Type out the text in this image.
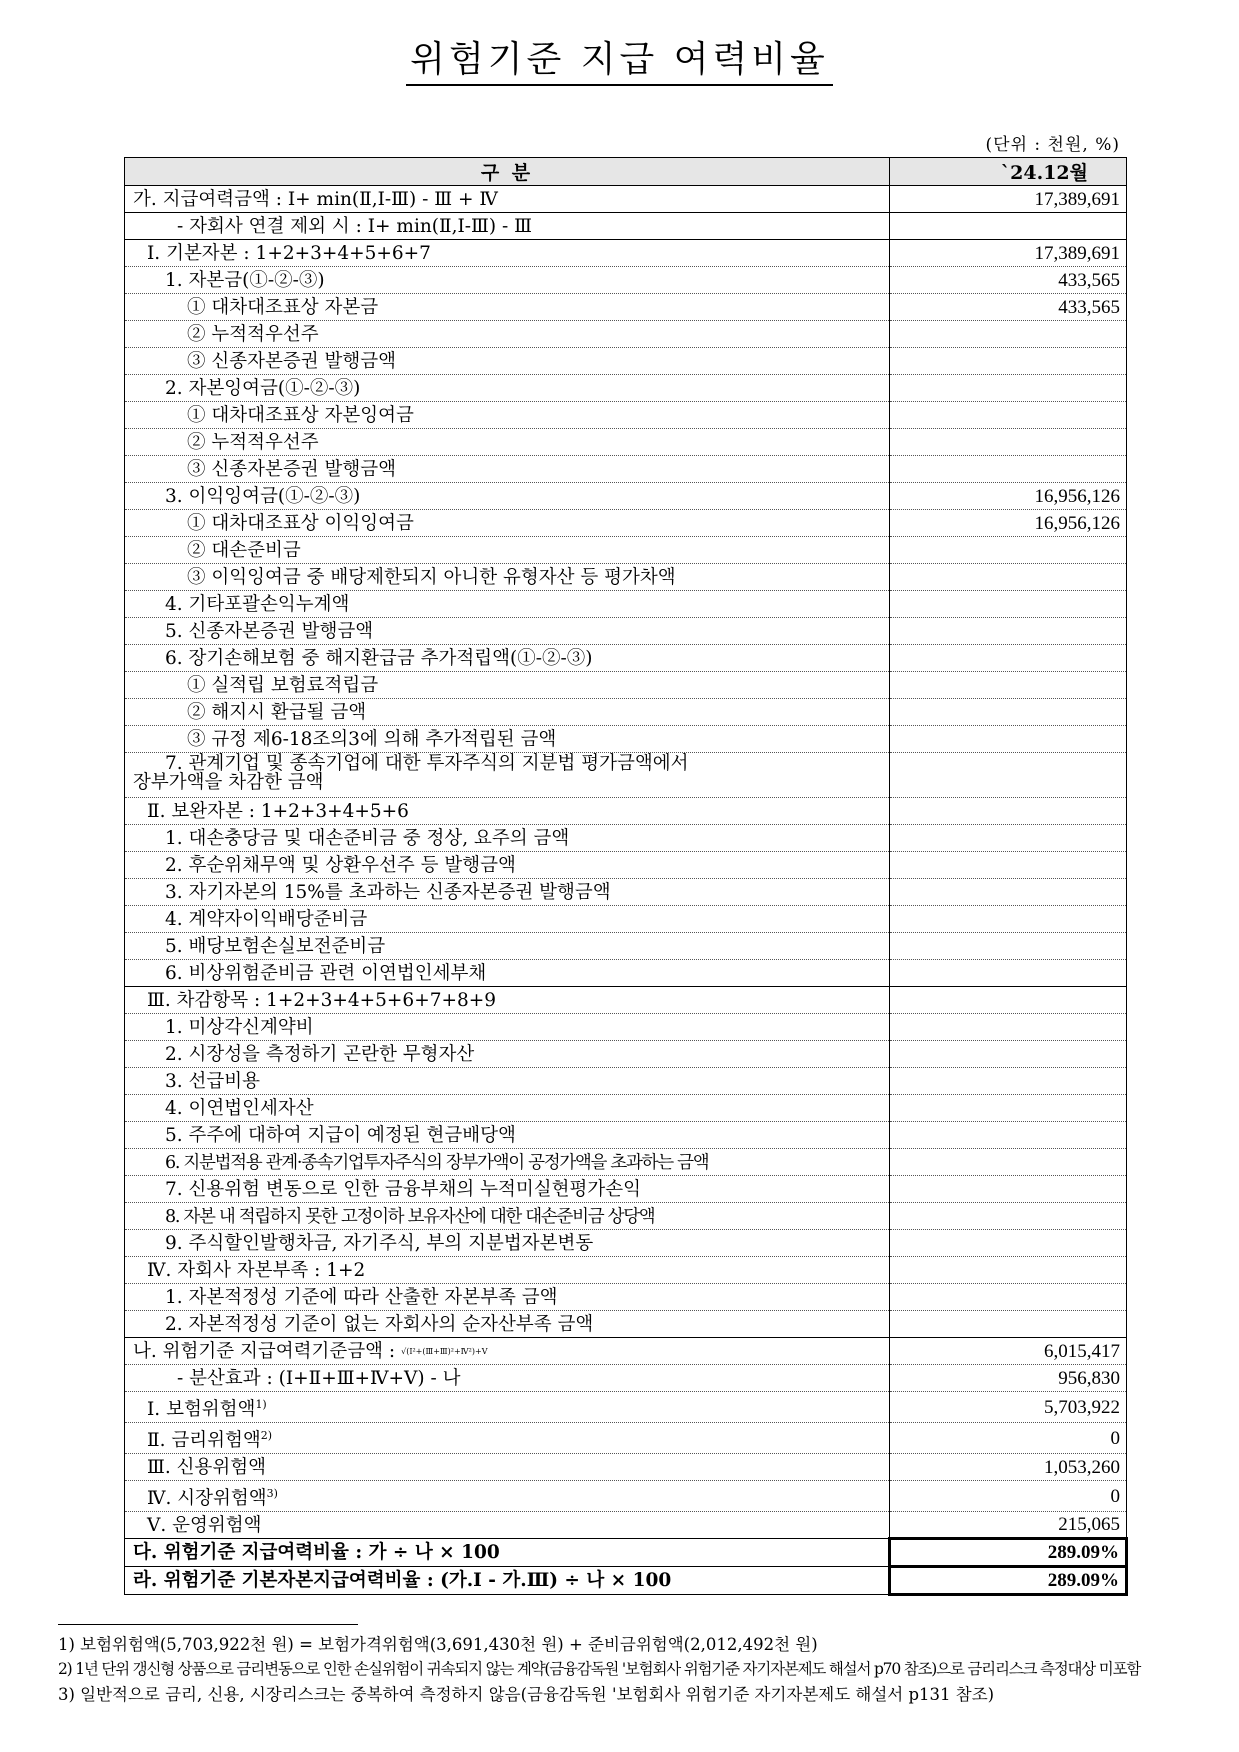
위험기준 지급 여력비율
(단위 : 천원, %)
구 분	`24.12월
가. 지급여력금액 : Ⅰ+ min(Ⅱ,Ⅰ-Ⅲ) - Ⅲ + Ⅳ	17,389,691
- 자회사 연결 제외 시 : Ⅰ+ min(Ⅱ,Ⅰ-Ⅲ) - Ⅲ	
Ⅰ. 기본자본 : 1+2+3+4+5+6+7	17,389,691
1. 자본금(①-②-③)	433,565
① 대차대조표상 자본금	433,565
② 누적적우선주	
③ 신종자본증권 발행금액	
2. 자본잉여금(①-②-③)	
① 대차대조표상 자본잉여금	
② 누적적우선주	
③ 신종자본증권 발행금액	
3. 이익잉여금(①-②-③)	16,956,126
① 대차대조표상 이익잉여금	16,956,126
② 대손준비금	
③ 이익잉여금 중 배당제한되지 아니한 유형자산 등 평가차액	
4. 기타포괄손익누계액	
5. 신종자본증권 발행금액	
6. 장기손해보험 중 해지환급금 추가적립액(①-②-③)	
① 실적립 보험료적립금	
② 해지시 환급될 금액	
③ 규정 제6-18조의3에 의해 추가적립된 금액	

7. 관계기업 및 종속기업에 대한 투자주식의 지분법 평가금액에서
장부가액을 차감한 금액	

Ⅱ. 보완자본 : 1+2+3+4+5+6	
1. 대손충당금 및 대손준비금 중 정상, 요주의 금액	
2. 후순위채무액 및 상환우선주 등 발행금액	
3. 자기자본의 15%를 초과하는 신종자본증권 발행금액	
4. 계약자이익배당준비금	
5. 배당보험손실보전준비금	
6. 비상위험준비금 관련 이연법인세부채	
Ⅲ. 차감항목 : 1+2+3+4+5+6+7+8+9	
1. 미상각신계약비	
2. 시장성을 측정하기 곤란한 무형자산	
3. 선급비용	
4. 이연법인세자산	
5. 주주에 대하여 지급이 예정된 현금배당액	
6. 지분법적용 관계·종속기업투자주식의 장부가액이 공정가액을 초과하는 금액	
7. 신용위험 변동으로 인한 금융부채의 누적미실현평가손익	
8. 자본 내 적립하지 못한 고정이하 보유자산에 대한 대손준비금 상당액	
9. 주식할인발행차금, 자기주식, 부의 지분법자본변동	
Ⅳ. 자회사 자본부족 : 1+2	
1. 자본적정성 기준에 따라 산출한 자본부족 금액	
2. 자본적정성 기준이 없는 자회사의 순자산부족 금액	
나. 위험기준 지급여력기준금액 : √(Ⅰ²+(Ⅲ+Ⅲ)²+Ⅳ²)+Ⅴ	6,015,417
- 분산효과 : (Ⅰ+Ⅱ+Ⅲ+Ⅳ+Ⅴ) - 나	956,830
Ⅰ. 보험위험액$^{1)}$	5,703,922
Ⅱ. 금리위험액$^{2)}$	0
Ⅲ. 신용위험액	1,053,260
Ⅳ. 시장위험액$^{3)}$	0
Ⅴ. 운영위험액	215,065
다. 위험기준 지급여력비율 : 가 ÷ 나 × 100	289.09%
라. 위험기준 기본자본지급여력비율 : (가.Ⅰ - 가.Ⅲ) ÷ 나 × 100	289.09%
1) 보험위험액(5,703,922천 원) = 보험가격위험액(3,691,430천 원) + 준비금위험액(2,012,492천 원)
2) 1년 단위 갱신형 상품으로 금리변동으로 인한 손실위험이 귀속되지 않는 계약(금융감독원 '보험회사 위험기준 자기자본제도 해설서 p70 참조)으로 금리리스크 측정대상 미포함
3) 일반적으로 금리, 신용, 시장리스크는 중복하여 측정하지 않음(금융감독원 '보험회사 위험기준 자기자본제도 해설서 p131 참조)
